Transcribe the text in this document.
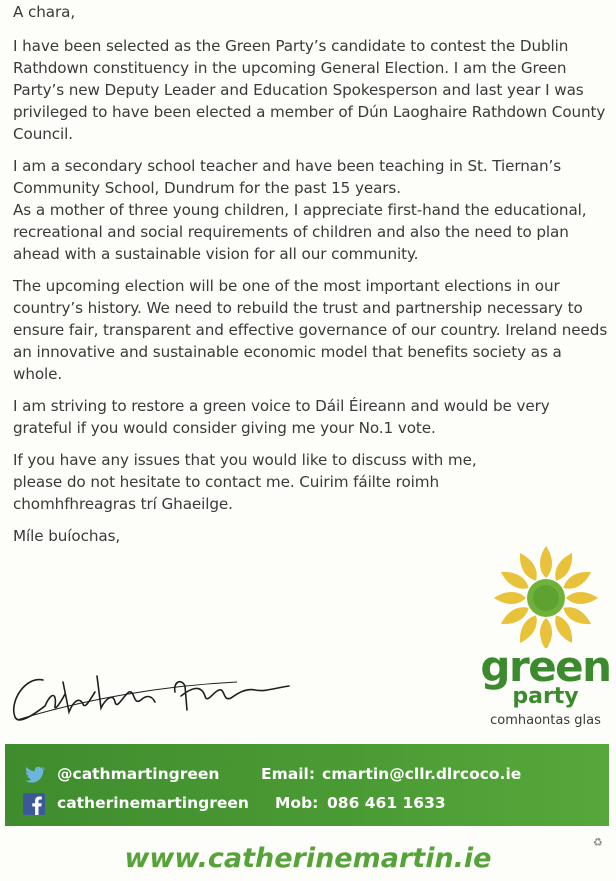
A chara,

I have been selected as the Green Party’s candidate to contest the Dublin Rathdown constituency in the upcoming General Election. I am the Green Party’s new Deputy Leader and Education Spokesperson and last year I was privileged to have been elected a member of Dún Laoghaire Rathdown County Council.

I am a secondary school teacher and have been teaching in St. Tiernan’s Community School, Dundrum for the past 15 years.

As a mother of three young children, I appreciate first-hand the educational, recreational and social requirements of children and also the need to plan ahead with a sustainable vision for all our community.

The upcoming election will be one of the most important elections in our country’s history. We need to rebuild the trust and partnership necessary to ensure fair, transparent and effective governance of our country. Ireland needs an innovative and sustainable economic model that benefits society as a whole.

I am striving to restore a green voice to Dáil Éireann and would be very grateful if you would consider giving me your No.1 vote.

If you have any issues that you would like to discuss with me, please do not hesitate to contact me. Cuirim fáilte roimh chomhfhreagras trí Ghaeilge.

Míle buíochas,

green
party
comhaontas glas
@cathmartingreen	Email: cmartin@cllr.dlrcoco.ie
catherinemartingreen Mob: 086 461 1633
www.catherinemartin.ie
♻
